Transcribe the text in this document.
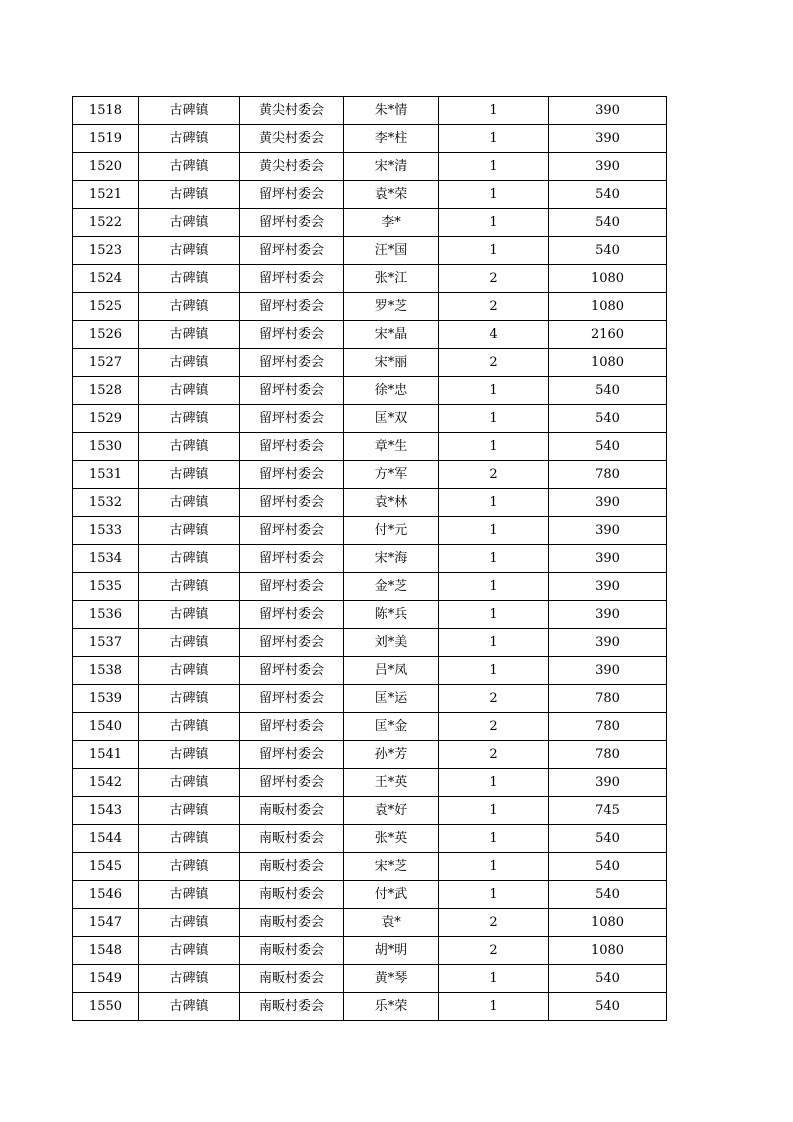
1518	古碑镇	黄尖村委会	朱*情	1	390
1519	古碑镇	黄尖村委会	李*柱	1	390
1520	古碑镇	黄尖村委会	宋*清	1	390
1521	古碑镇	留坪村委会	袁*荣	1	540
1522	古碑镇	留坪村委会	李*	1	540
1523	古碑镇	留坪村委会	汪*国	1	540
1524	古碑镇	留坪村委会	张*江	2	1080
1525	古碑镇	留坪村委会	罗*芝	2	1080
1526	古碑镇	留坪村委会	宋*晶	4	2160
1527	古碑镇	留坪村委会	宋*丽	2	1080
1528	古碑镇	留坪村委会	徐*忠	1	540
1529	古碑镇	留坪村委会	匡*双	1	540
1530	古碑镇	留坪村委会	章*生	1	540
1531	古碑镇	留坪村委会	方*军	2	780
1532	古碑镇	留坪村委会	袁*林	1	390
1533	古碑镇	留坪村委会	付*元	1	390
1534	古碑镇	留坪村委会	宋*海	1	390
1535	古碑镇	留坪村委会	金*芝	1	390
1536	古碑镇	留坪村委会	陈*兵	1	390
1537	古碑镇	留坪村委会	刘*美	1	390
1538	古碑镇	留坪村委会	吕*凤	1	390
1539	古碑镇	留坪村委会	匡*运	2	780
1540	古碑镇	留坪村委会	匡*金	2	780
1541	古碑镇	留坪村委会	孙*芳	2	780
1542	古碑镇	留坪村委会	王*英	1	390
1543	古碑镇	南畈村委会	袁*好	1	745
1544	古碑镇	南畈村委会	张*英	1	540
1545	古碑镇	南畈村委会	宋*芝	1	540
1546	古碑镇	南畈村委会	付*武	1	540
1547	古碑镇	南畈村委会	袁*	2	1080
1548	古碑镇	南畈村委会	胡*明	2	1080
1549	古碑镇	南畈村委会	黄*琴	1	540
1550	古碑镇	南畈村委会	乐*荣	1	540
